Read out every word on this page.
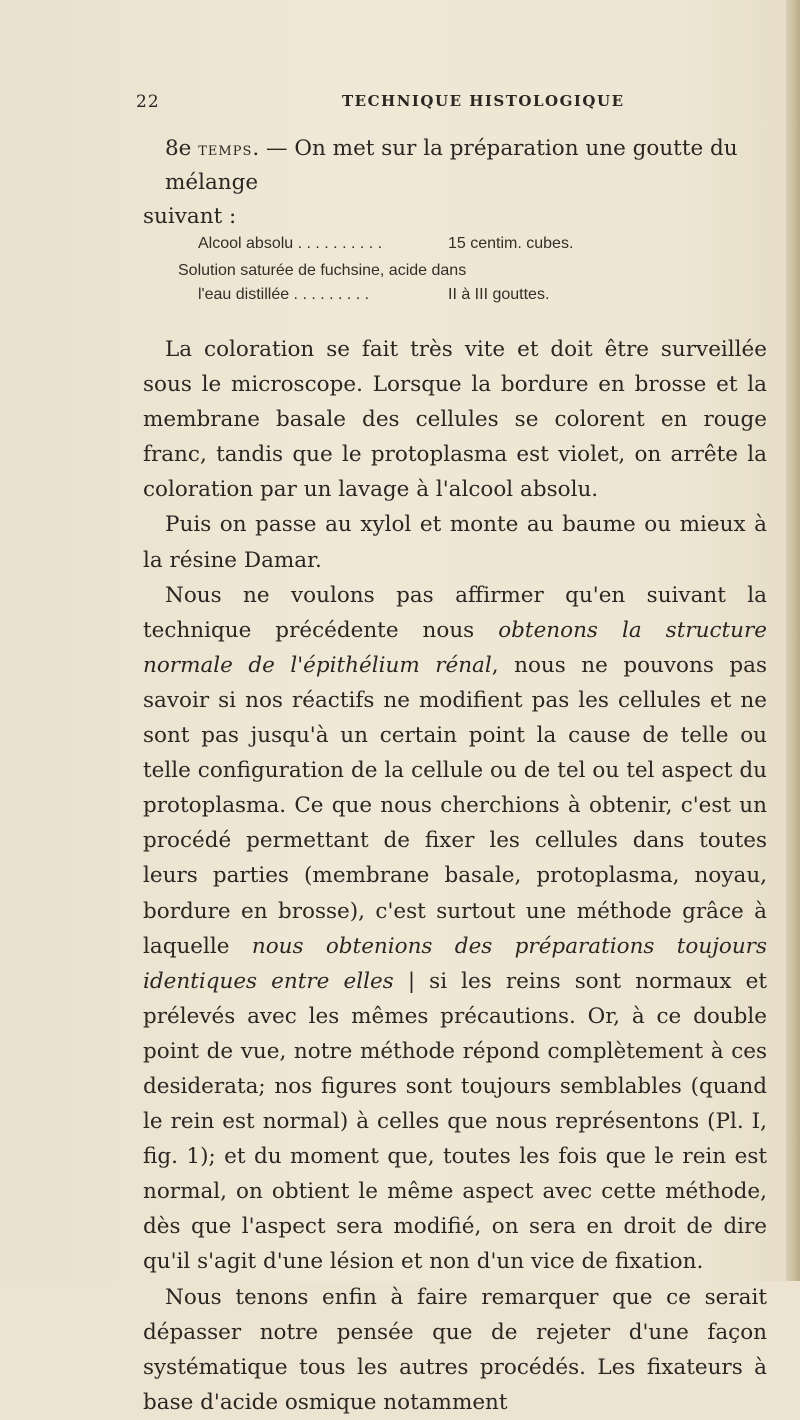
22	TECHNIQUE HISTOLOGIQUE

8e temps. — On met sur la préparation une goutte du mélange
suivant :

Alcool absolu . . . . . . . . . .	15 centim. cubes.
Solution saturée de fuchsine, acide dans
l'eau distillée . . . . . . . . .	II à III gouttes.

La coloration se fait très vite et doit être surveillée sous le microscope. Lorsque la bordure en brosse et la membrane basale des cellules se colorent en rouge franc, tandis que le protoplasma est violet, on arrête la coloration par un lavage à l'alcool absolu.

Puis on passe au xylol et monte au baume ou mieux à la résine Damar.

Nous ne voulons pas affirmer qu'en suivant la technique précédente nous obtenons la structure normale de l'épithélium rénal, nous ne pouvons pas savoir si nos réactifs ne modifient pas les cellules et ne sont pas jusqu'à un certain point la cause de telle ou telle configuration de la cellule ou de tel ou tel aspect du protoplasma. Ce que nous cherchions à obtenir, c'est un procédé permettant de fixer les cellules dans toutes leurs parties (membrane basale, protoplasma, noyau, bordure en brosse), c'est surtout une méthode grâce à laquelle nous obtenions des préparations toujours identiques entre elles | si les reins sont normaux et prélevés avec les mêmes précautions. Or, à ce double point de vue, notre méthode répond complètement à ces desiderata; nos figures sont toujours semblables (quand le rein est normal) à celles que nous représentons (Pl. I, fig. 1); et du moment que, toutes les fois que le rein est normal, on obtient le même aspect avec cette méthode, dès que l'aspect sera modifié, on sera en droit de dire qu'il s'agit d'une lésion et non d'un vice de fixation.

Nous tenons enfin à faire remarquer que ce serait dépasser notre pensée que de rejeter d'une façon systématique tous les autres procédés. Les fixateurs à base d'acide osmique notamment
